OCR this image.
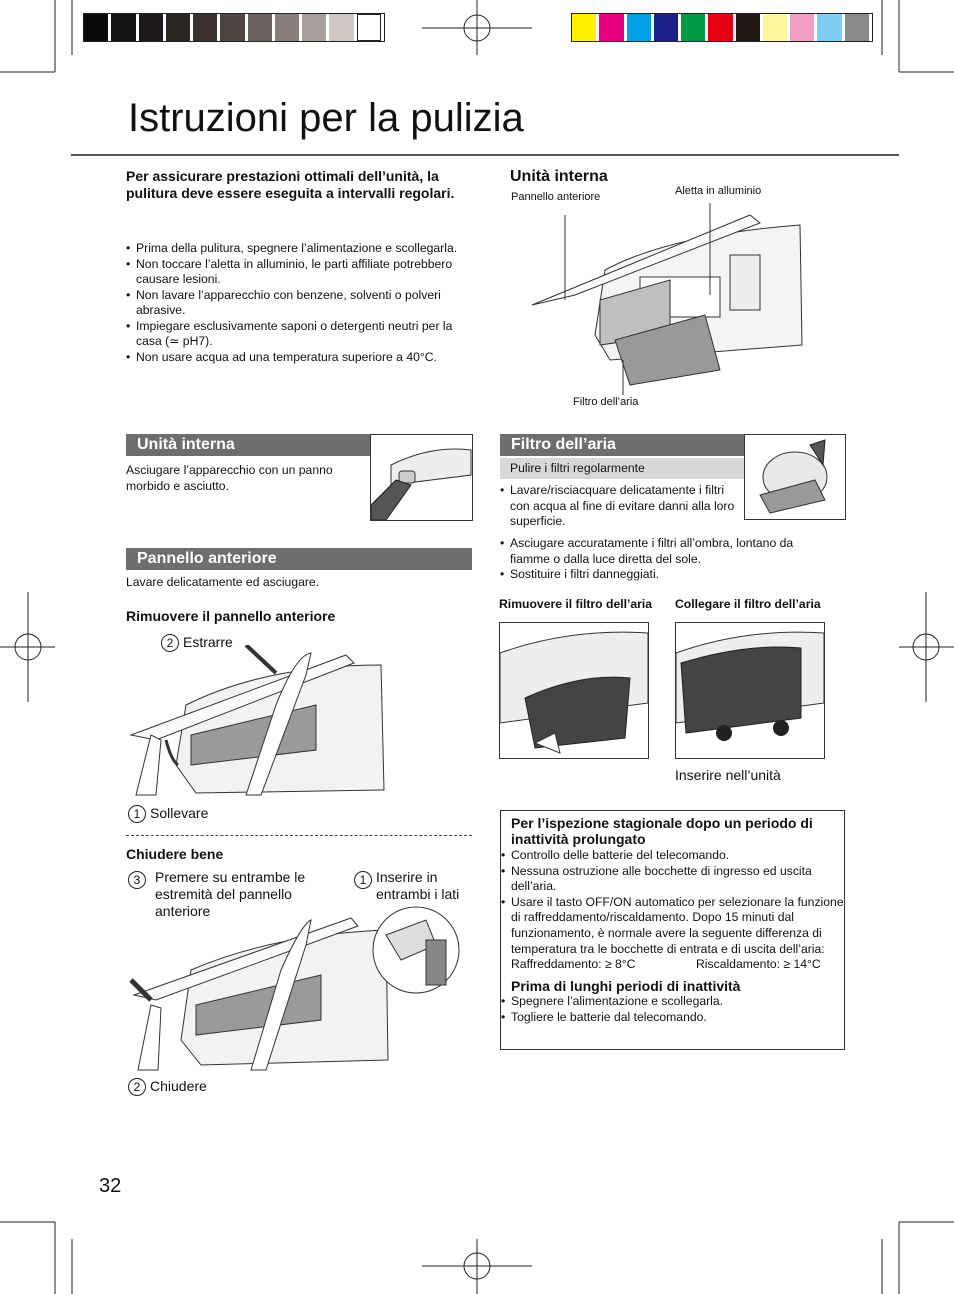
Istruzioni per la pulizia
Per assicurare prestazioni ottimali dell’unità, la pulitura deve essere eseguita a intervalli regolari.
• Prima della pulitura, spegnere l’alimentazione e scollegarla.
• Non toccare l’aletta in alluminio, le parti affiliate potrebbero causare lesioni.
• Non lavare l’apparecchio con benzene, solventi o polveri abrasive.
• Impiegare esclusivamente saponi o detergenti neutri per la casa (≃ pH7).
• Non usare acqua ad una temperatura superiore a 40°C.
Unità interna
Pannello anteriore	Aletta in alluminio
Filtro dell’aria
Unità interna
Asciugare l’apparecchio con un panno morbido e asciutto.
Pannello anteriore
Lavare delicatamente ed asciugare.
Rimuovere il pannello anteriore
2 Estrarre
1 Sollevare
Chiudere bene
3	Premere su entrambe le estremità del pannello anteriore
1 Inserire in entrambi i lati
2 Chiudere
Filtro dell’aria
Pulire i filtri regolarmente
• Lavare/risciacquare delicatamente i filtri con acqua al fine di evitare danni alla loro superficie.
• Asciugare accuratamente i filtri all’ombra, lontano da fiamme o dalla luce diretta del sole.
• Sostituire i filtri danneggiati.
Rimuovere il filtro dell’aria Collegare il filtro dell’aria
Inserire nell’unità
Per l’ispezione stagionale dopo un periodo di inattività prolungato
• Controllo delle batterie del telecomando.
• Nessuna ostruzione alle bocchette di ingresso ed uscita dell’aria.
• Usare il tasto OFF/ON automatico per selezionare la funzione di raffreddamento/riscaldamento. Dopo 15 minuti dal funzionamento, è normale avere la seguente differenza di temperatura tra le bocchette di entrata e di uscita dell’aria:
Raffreddamento: ≥ 8°C	Riscaldamento: ≥ 14°C
Prima di lunghi periodi di inattività
• Spegnere l’alimentazione e scollegarla.
• Togliere le batterie dal telecomando.
32
